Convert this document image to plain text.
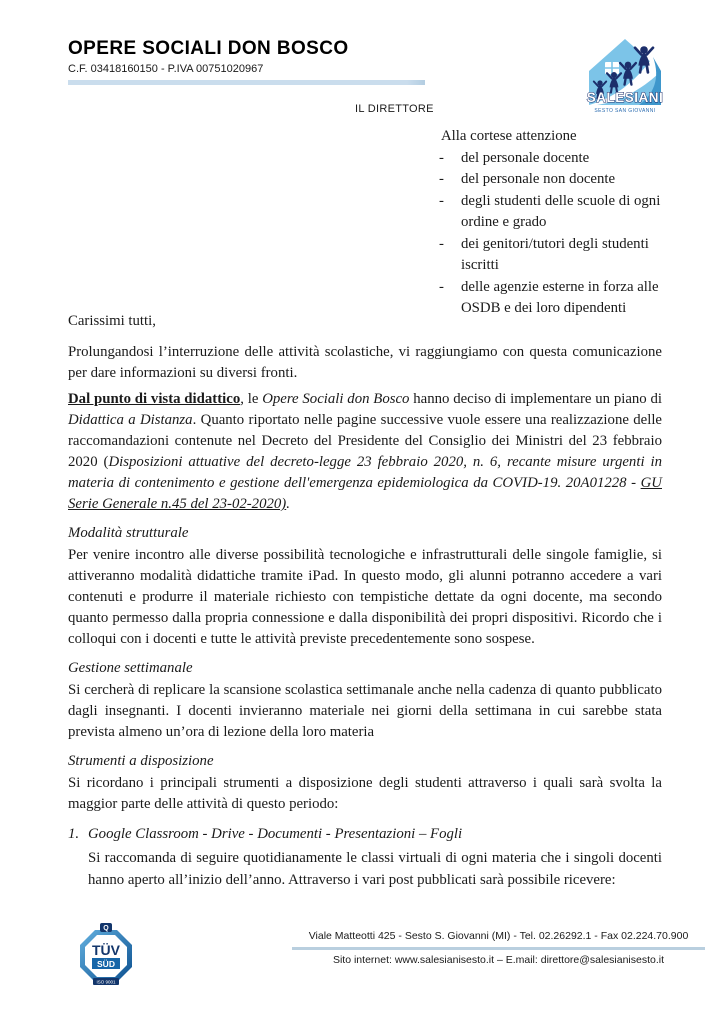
OPERE SOCIALI DON BOSCO
C.F. 03418160150 - P.IVA 00751020967
IL DIRETTORE
SALESIANI
SESTO SAN GIOVANNI
Alla cortese attenzione
-	del personale docente
-	del personale non docente
-	degli studenti delle scuole di ogni ordine e grado
-	dei genitori/tutori degli studenti iscritti
-	delle agenzie esterne in forza alle OSDB e dei loro dipendenti

Carissimi tutti,

Prolungandosi l’interruzione delle attività scolastiche, vi raggiungiamo con questa comunicazione per dare informazioni su diversi fronti.

Dal punto di vista didattico, le Opere Sociali don Bosco hanno deciso di implementare un piano di Didattica a Distanza. Quanto riportato nelle pagine successive vuole essere una realizzazione delle raccomandazioni contenute nel Decreto del Presidente del Consiglio dei Ministri del 23 febbraio 2020 (Disposizioni attuative del decreto-legge 23 febbraio 2020, n. 6, recante misure urgenti in materia di contenimento e gestione dell'emergenza epidemiologica da COVID-19. 20A01228 - GU Serie Generale n.45 del 23-02-2020).

Modalità strutturale

Per venire incontro alle diverse possibilità tecnologiche e infrastrutturali delle singole famiglie, si attiveranno modalità didattiche tramite iPad. In questo modo, gli alunni potranno accedere a vari contenuti e produrre il materiale richiesto con tempistiche dettate da ogni docente, ma secondo quanto permesso dalla propria connessione e dalla disponibilità dei propri dispositivi. Ricordo che i colloqui con i docenti e tutte le attività previste precedentemente sono sospese.

Gestione settimanale

Si cercherà di replicare la scansione scolastica settimanale anche nella cadenza di quanto pubblicato dagli insegnanti. I docenti invieranno materiale nei giorni della settimana in cui sarebbe stata prevista almeno un’ora di lezione della loro materia

Strumenti a disposizione

Si ricordano i principali strumenti a disposizione degli studenti attraverso i quali sarà svolta la maggior parte delle attività di questo periodo:

1. Google Classroom - Drive - Documenti - Presentazioni – Fogli

Si raccomanda di seguire quotidianamente le classi virtuali di ogni materia che i singoli docenti hanno aperto all’inizio dell’anno. Attraverso i vari post pubblicati sarà possibile ricevere:

TÜV
SÜD
ISO 9001
Q
Viale Matteotti 425 - Sesto S. Giovanni (MI) - Tel. 02.26292.1 - Fax 02.224.70.900
Sito internet: www.salesianisesto.it – E.mail: direttore@salesianisesto.it
